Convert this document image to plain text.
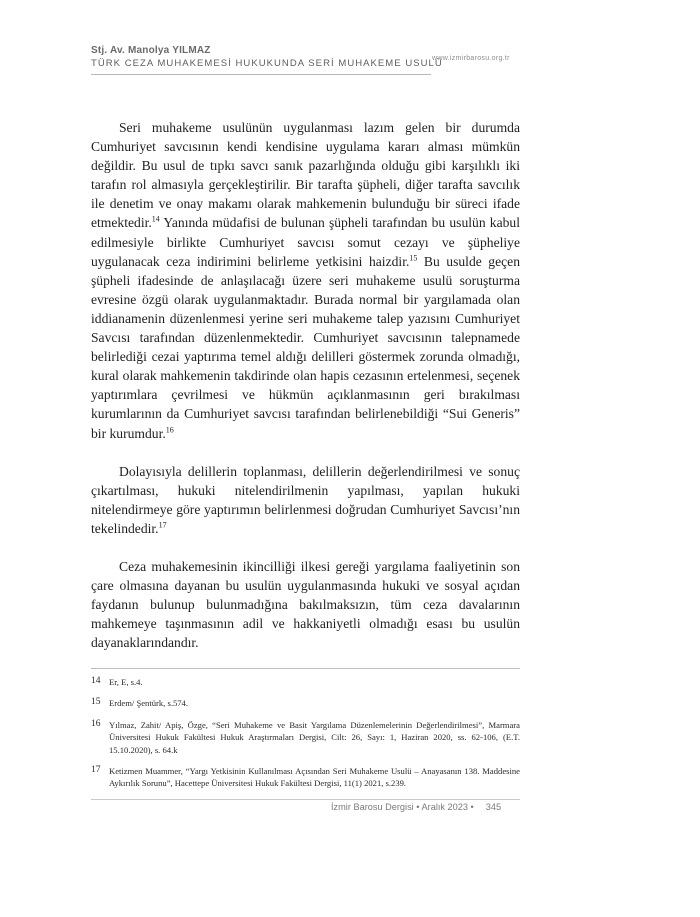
Stj. Av. Manolya YILMAZ
TÜRK CEZA MUHAKEMESİ HUKUKUNDA SERİ MUHAKEME USULÜ
www.izmirbarosu.org.tr

Seri muhakeme usulünün uygulanması lazım gelen bir durumda Cumhuriyet savcısının kendi kendisine uygulama kararı alması mümkün değildir. Bu usul de tıpkı savcı sanık pazarlığında olduğu gibi karşılıklı iki tarafın rol almasıyla gerçekleştirilir. Bir tarafta şüpheli, diğer tarafta savcılık ile denetim ve onay makamı olarak mahkemenin bulunduğu bir süreci ifade etmektedir.$^{14}$ Yanında müdafisi de bulunan şüpheli tarafından bu usulün kabul edilmesiyle birlikte Cumhuriyet savcısı somut cezayı ve şüpheliye uygulanacak ceza indirimini belirleme yetkisini haizdir.$^{15}$ Bu usulde geçen şüpheli ifadesinde de anlaşılacağı üzere seri muhakeme usulü soruşturma evresine özgü olarak uygulanmaktadır. Burada normal bir yargılamada olan iddianamenin düzenlenmesi yerine seri muhakeme talep yazısını Cumhuriyet Savcısı tarafından düzenlenmektedir. Cumhuriyet savcısının talepnamede belirlediği cezai yaptırıma temel aldığı delilleri göstermek zorunda olmadığı, kural olarak mahkemenin takdirinde olan hapis cezasının ertelenmesi, seçenek yaptırımlara çevrilmesi ve hükmün açıklanmasının geri bırakılması kurumlarının da Cumhuriyet savcısı tarafından belirlenebildiği “Sui Generis” bir kurumdur.$^{16}$

Dolayısıyla delillerin toplanması, delillerin değerlendirilmesi ve sonuç çıkartılması, hukuki nitelendirilmenin yapılması, yapılan hukuki nitelendirmeye göre yaptırımın belirlenmesi doğrudan Cumhuriyet Savcısı’nın tekelindedir.$^{17}$

Ceza muhakemesinin ikincilliği ilkesi gereği yargılama faaliyetinin son çare olmasına dayanan bu usulün uygulanmasında hukuki ve sosyal açıdan faydanın bulunup bulunmadığına bakılmaksızın, tüm ceza davalarının mahkemeye taşınmasının adil ve hakkaniyetli olmadığı esası bu usulün dayanaklarındandır.

14 Er, E, s.4.
15 Erdem/ Şentürk, s.574.
16 Yılmaz, Zahit/ Apiş, Özge, “Seri Muhakeme ve Basit Yargılama Düzenlemelerinin Değerlendirilmesi”, Marmara Üniversitesi Hukuk Fakültesi Hukuk Araştırmaları Dergisi, Cilt: 26, Sayı: 1, Haziran 2020, ss. 62-106, (E.T. 15.10.2020), s. 64.k
17 Ketizmen Muammer, “Yargı Yetkisinin Kullanılması Açısından Seri Muhakeme Usulü – Anayasanın 138. Maddesine Aykırılık Sorunu”, Hacettepe Üniversitesi Hukuk Fakültesi Dergisi, 11(1) 2021, s.239.
İzmir Barosu Dergisi • Aralık 2023 • 345
